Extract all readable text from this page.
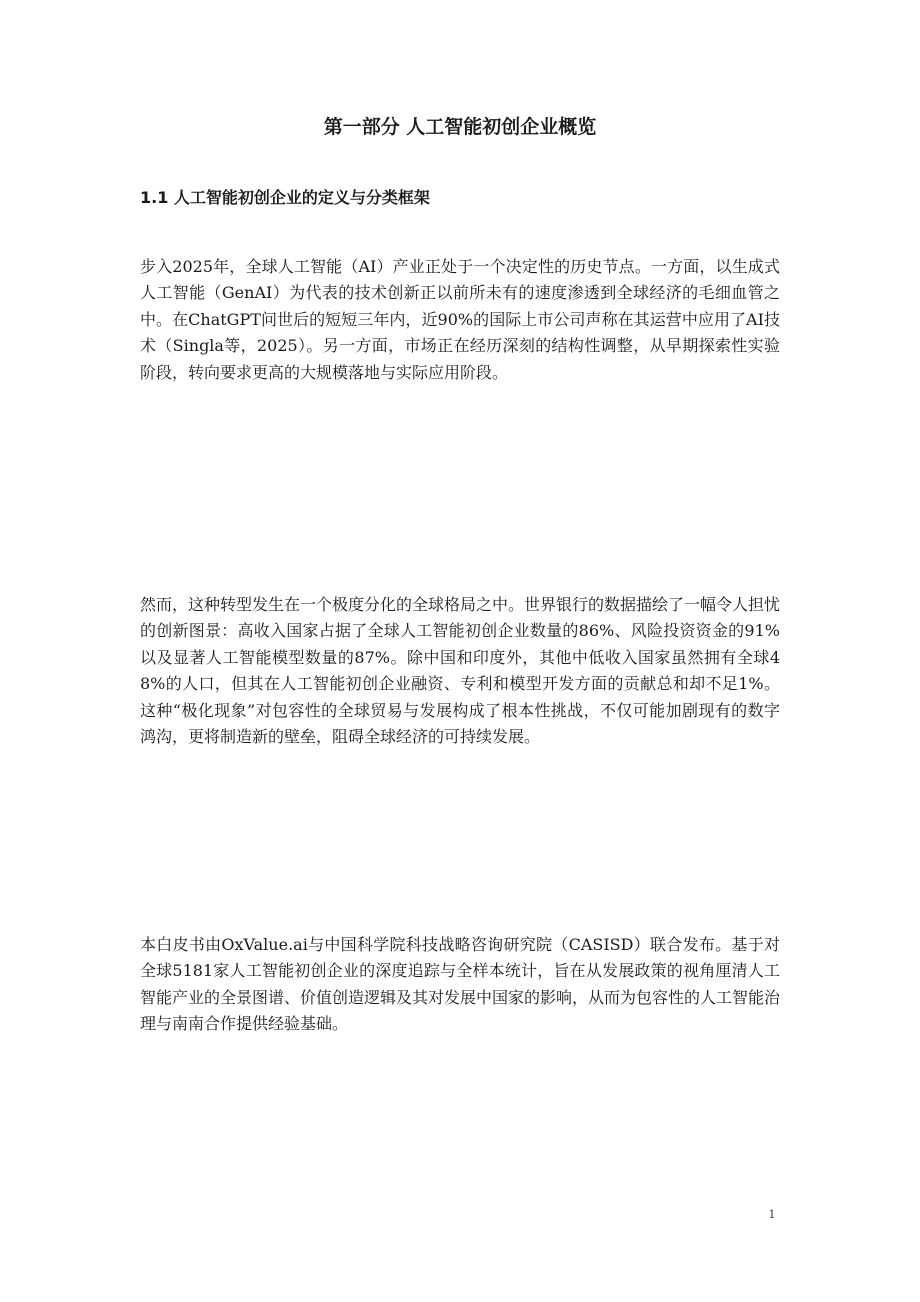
第一部分 人工智能初创企业概览
1.1 人工智能初创企业的定义与分类框架

步入2025年，全球人工智能（AI）产业正处于一个决定性的历史节点。一方面，以生成式人工智能（GenAI）为代表的技术创新正以前所未有的速度渗透到全球经济的毛细血管之中。在ChatGPT问世后的短短三年内，近90%的国际上市公司声称在其运营中应用了AI技术（Singla等，2025）。另一方面，市场正在经历深刻的结构性调整，从早期探索性实验阶段，转向要求更高的大规模落地与实际应用阶段。

然而，这种转型发生在一个极度分化的全球格局之中。世界银行的数据描绘了一幅令人担忧的创新图景：高收入国家占据了全球人工智能初创企业数量的86%、风险投资资金的91%以及显著人工智能模型数量的87%。除中国和印度外，其他中低收入国家虽然拥有全球48%的人口，但其在人工智能初创企业融资、专利和模型开发方面的贡献总和却不足1%。这种“极化现象”对包容性的全球贸易与发展构成了根本性挑战，不仅可能加剧现有的数字鸿沟，更将制造新的壁垒，阻碍全球经济的可持续发展。

本白皮书由OxValue.ai与中国科学院科技战略咨询研究院（CASISD）联合发布。基于对全球5181家人工智能初创企业的深度追踪与全样本统计，旨在从发展政策的视角厘清人工智能产业的全景图谱、价值创造逻辑及其对发展中国家的影响，从而为包容性的人工智能治理与南南合作提供经验基础。

1
